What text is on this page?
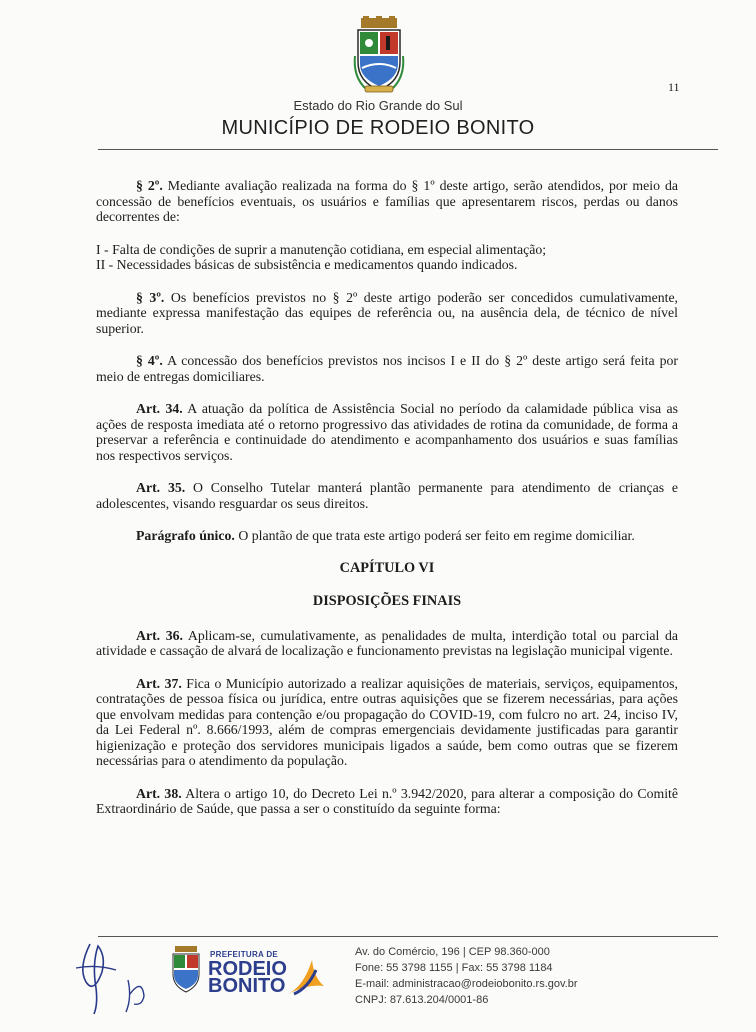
11
Estado do Rio Grande do Sul
MUNICÍPIO DE RODEIO BONITO

§ 2º. Mediante avaliação realizada na forma do § 1º deste artigo, serão atendidos, por meio da concessão de benefícios eventuais, os usuários e famílias que apresentarem riscos, perdas ou danos decorrentes de:

I - Falta de condições de suprir a manutenção cotidiana, em especial alimentação;

II - Necessidades básicas de subsistência e medicamentos quando indicados.

§ 3º. Os benefícios previstos no § 2º deste artigo poderão ser concedidos cumulativamente, mediante expressa manifestação das equipes de referência ou, na ausência dela, de técnico de nível superior.

§ 4º. A concessão dos benefícios previstos nos incisos I e II do § 2º deste artigo será feita por meio de entregas domiciliares.

Art. 34. A atuação da política de Assistência Social no período da calamidade pública visa as ações de resposta imediata até o retorno progressivo das atividades de rotina da comunidade, de forma a preservar a referência e continuidade do atendimento e acompanhamento dos usuários e suas famílias nos respectivos serviços.

Art. 35. O Conselho Tutelar manterá plantão permanente para atendimento de crianças e adolescentes, visando resguardar os seus direitos.

Parágrafo único. O plantão de que trata este artigo poderá ser feito em regime domiciliar.

CAPÍTULO VI
DISPOSIÇÕES FINAIS

Art. 36. Aplicam-se, cumulativamente, as penalidades de multa, interdição total ou parcial da atividade e cassação de alvará de localização e funcionamento previstas na legislação municipal vigente.

Art. 37. Fica o Município autorizado a realizar aquisições de materiais, serviços, equipamentos, contratações de pessoa física ou jurídica, entre outras aquisições que se fizerem necessárias, para ações que envolvam medidas para contenção e/ou propagação do COVID-19, com fulcro no art. 24, inciso IV, da Lei Federal nº. 8.666/1993, além de compras emergenciais devidamente justificadas para garantir higienização e proteção dos servidores municipais ligados a saúde, bem como outras que se fizerem necessárias para o atendimento da população.

Art. 38. Altera o artigo 10, do Decreto Lei n.º 3.942/2020, para alterar a composição do Comitê Extraordinário de Saúde, que passa a ser o constituído da seguinte forma:

PREFEITURA DE
RODEIO
BONITO
Av. do Comércio, 196 | CEP 98.360-000
Fone: 55 3798 1155 | Fax: 55 3798 1184
E-mail: administracao@rodeiobonito.rs.gov.br
CNPJ: 87.613.204/0001-86
